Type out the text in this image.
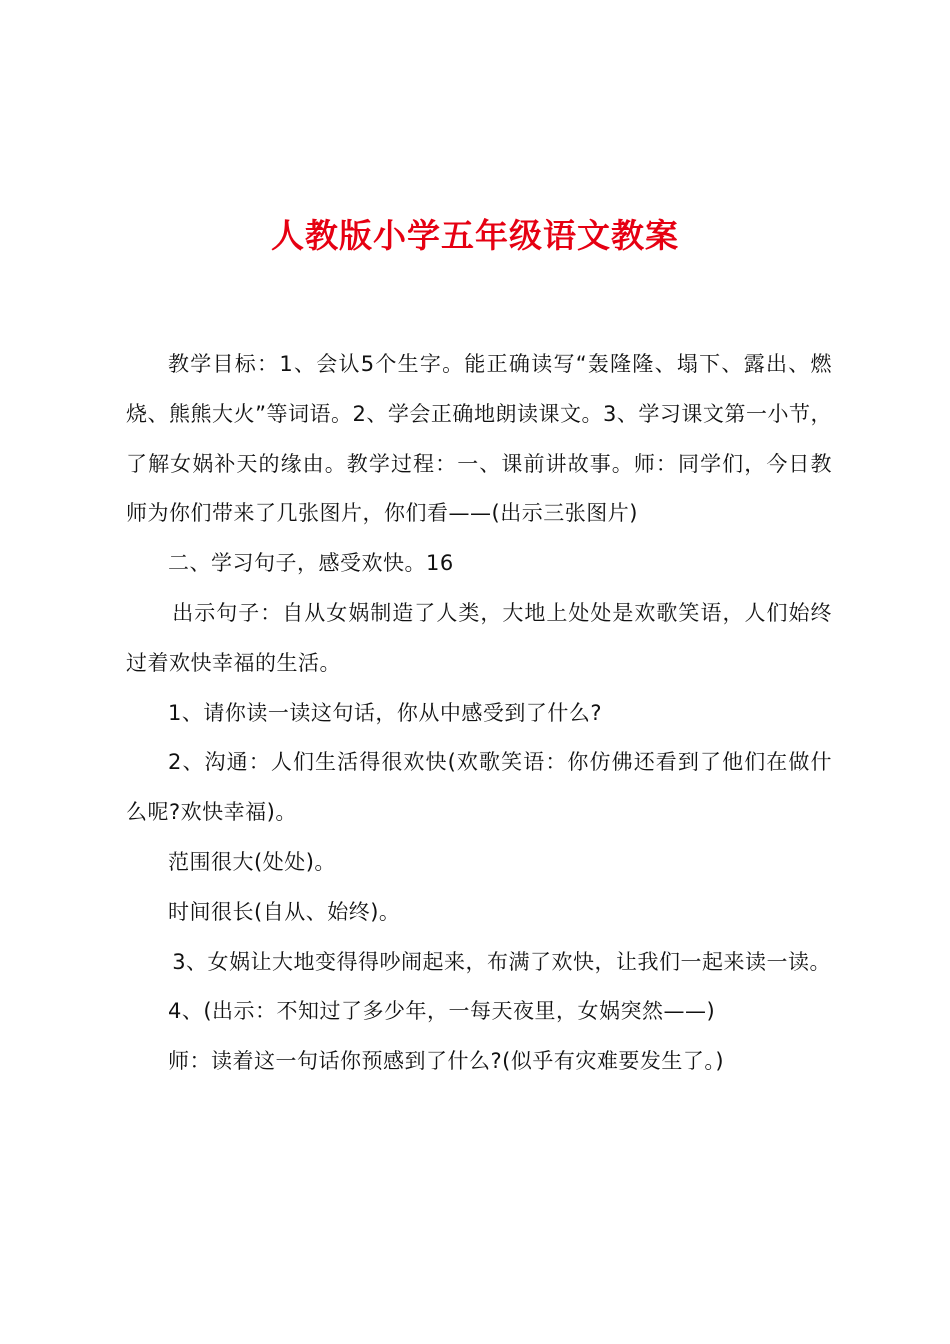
人教版小学五年级语文教案

教学目标：1、会认5个生字。能正确读写“轰隆隆、塌下、露出、燃烧、熊熊大火”等词语。2、学会正确地朗读课文。3、学习课文第一小节，了解女娲补天的缘由。教学过程：一、课前讲故事。师：同学们，今日教师为你们带来了几张图片，你们看——(出示三张图片)

二、学习句子，感受欢快。16

出示句子：自从女娲制造了人类，大地上处处是欢歌笑语，人们始终过着欢快幸福的生活。

1、请你读一读这句话，你从中感受到了什么?

2、沟通：人们生活得很欢快(欢歌笑语：你仿佛还看到了他们在做什么呢?欢快幸福)。

范围很大(处处)。

时间很长(自从、始终)。

3、女娲让大地变得得吵闹起来，布满了欢快，让我们一起来读一读。

4、(出示：不知过了多少年，一每天夜里，女娲突然——)

师：读着这一句话你预感到了什么?(似乎有灾难要发生了。)
